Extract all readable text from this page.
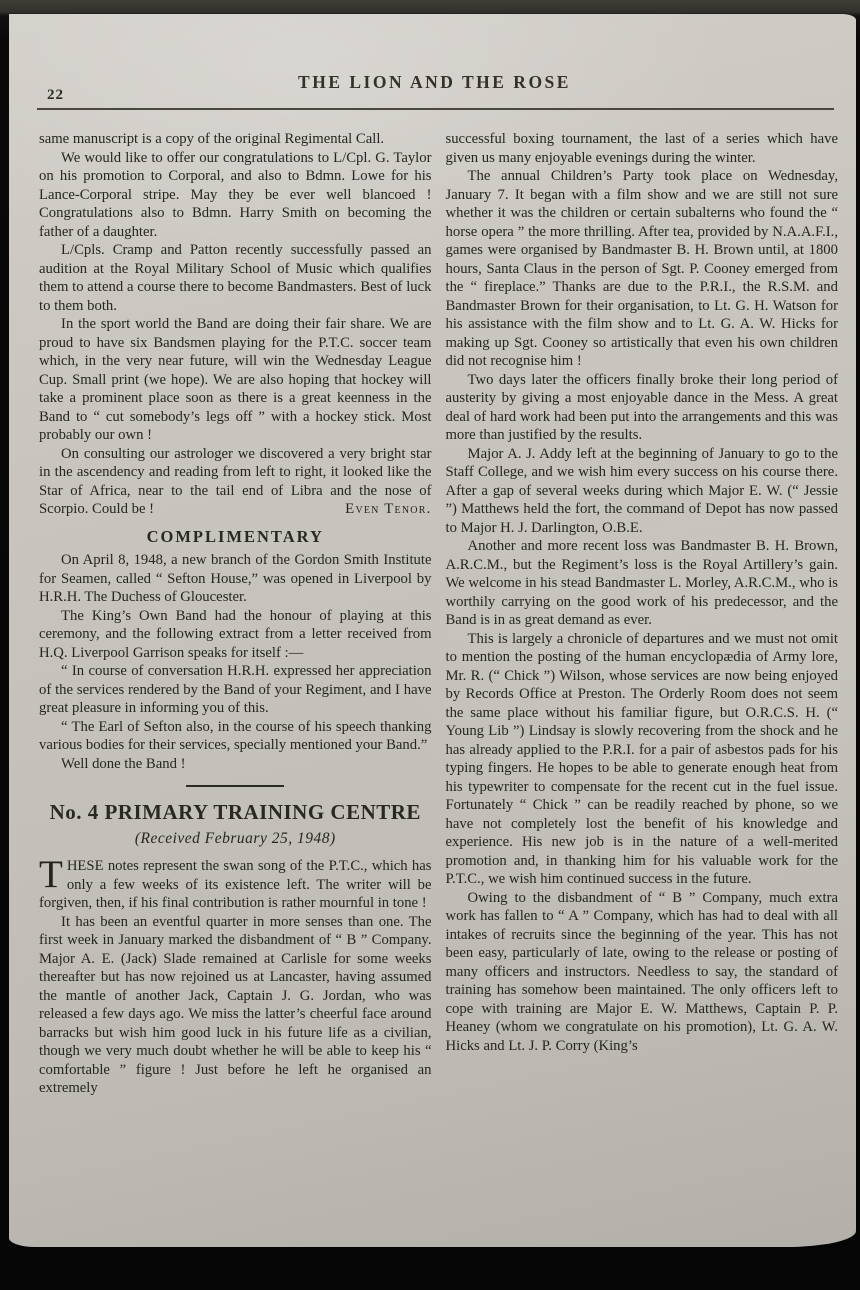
22
THE LION AND THE ROSE

same manuscript is a copy of the original Regimental Call.

We would like to offer our congratulations to L/Cpl. G. Taylor on his promotion to Corporal, and also to Bdmn. Lowe for his Lance-Corporal stripe. May they be ever well blancoed ! Congratulations also to Bdmn. Harry Smith on becoming the father of a daughter.

L/Cpls. Cramp and Patton recently successfully passed an audition at the Royal Military School of Music which qualifies them to attend a course there to become Bandmasters. Best of luck to them both.

In the sport world the Band are doing their fair share. We are proud to have six Bandsmen playing for the P.T.C. soccer team which, in the very near future, will win the Wednesday League Cup. Small print (we hope). We are also hoping that hockey will take a prominent place soon as there is a great keenness in the Band to “ cut somebody’s legs off ” with a hockey stick. Most probably our own !

On consulting our astrologer we discovered a very bright star in the ascendency and reading from left to right, it looked like the Star of Africa, near to the tail end of Libra and the nose of Scorpio. Could be !	Even Tenor.

COMPLIMENTARY

On April 8, 1948, a new branch of the Gordon Smith Institute for Seamen, called “ Sefton House,” was opened in Liverpool by H.R.H. The Duchess of Gloucester.

The King’s Own Band had the honour of playing at this ceremony, and the following extract from a letter received from H.Q. Liverpool Garrison speaks for itself :—

“ In course of conversation H.R.H. expressed her appreciation of the services rendered by the Band of your Regiment, and I have great pleasure in informing you of this.

“ The Earl of Sefton also, in the course of his speech thanking various bodies for their services, specially mentioned your Band.”

Well done the Band !

No. 4 PRIMARY TRAINING CENTRE

(Received February 25, 1948)

THESE notes represent the swan song of the P.T.C., which has only a few weeks of its existence left. The writer will be forgiven, then, if his final contribution is rather mournful in tone !

It has been an eventful quarter in more senses than one. The first week in January marked the disbandment of “ B ” Company. Major A. E. (Jack) Slade remained at Carlisle for some weeks thereafter but has now rejoined us at Lancaster, having assumed the mantle of another Jack, Captain J. G. Jordan, who was released a few days ago. We miss the latter’s cheerful face around barracks but wish him good luck in his future life as a civilian, though we very much doubt whether he will be able to keep his “ comfortable ” figure ! Just before he left he organised an extremely

successful boxing tournament, the last of a series which have given us many enjoyable evenings during the winter.

The annual Children’s Party took place on Wednesday, January 7. It began with a film show and we are still not sure whether it was the children or certain subalterns who found the “ horse opera ” the more thrilling. After tea, provided by N.A.A.F.I., games were organised by Bandmaster B. H. Brown until, at 1800 hours, Santa Claus in the person of Sgt. P. Cooney emerged from the “ fireplace.” Thanks are due to the P.R.I., the R.S.M. and Bandmaster Brown for their organisation, to Lt. G. H. Watson for his assistance with the film show and to Lt. G. A. W. Hicks for making up Sgt. Cooney so artistically that even his own children did not recognise him !

Two days later the officers finally broke their long period of austerity by giving a most enjoyable dance in the Mess. A great deal of hard work had been put into the arrangements and this was more than justified by the results.

Major A. J. Addy left at the beginning of January to go to the Staff College, and we wish him every success on his course there. After a gap of several weeks during which Major E. W. (“ Jessie ”) Matthews held the fort, the command of Depot has now passed to Major H. J. Darlington, O.B.E.

Another and more recent loss was Bandmaster B. H. Brown, A.R.C.M., but the Regiment’s loss is the Royal Artillery’s gain. We welcome in his stead Bandmaster L. Morley, A.R.C.M., who is worthily carrying on the good work of his predecessor, and the Band is in as great demand as ever.

This is largely a chronicle of departures and we must not omit to mention the posting of the human encyclopædia of Army lore, Mr. R. (“ Chick ”) Wilson, whose services are now being enjoyed by Records Office at Preston. The Orderly Room does not seem the same place without his familiar figure, but O.R.C.S. H. (“ Young Lib ”) Lindsay is slowly recovering from the shock and he has already applied to the P.R.I. for a pair of asbestos pads for his typing fingers. He hopes to be able to generate enough heat from his typewriter to compensate for the recent cut in the fuel issue. Fortunately “ Chick ” can be readily reached by phone, so we have not completely lost the benefit of his knowledge and experience. His new job is in the nature of a well-merited promotion and, in thanking him for his valuable work for the P.T.C., we wish him continued success in the future.

Owing to the disbandment of “ B ” Company, much extra work has fallen to “ A ” Company, which has had to deal with all intakes of recruits since the beginning of the year. This has not been easy, particularly of late, owing to the release or posting of many officers and instructors. Needless to say, the standard of training has somehow been maintained. The only officers left to cope with training are Major E. W. Matthews, Captain P. P. Heaney (whom we congratulate on his promotion), Lt. G. A. W. Hicks and Lt. J. P. Corry (King’s
